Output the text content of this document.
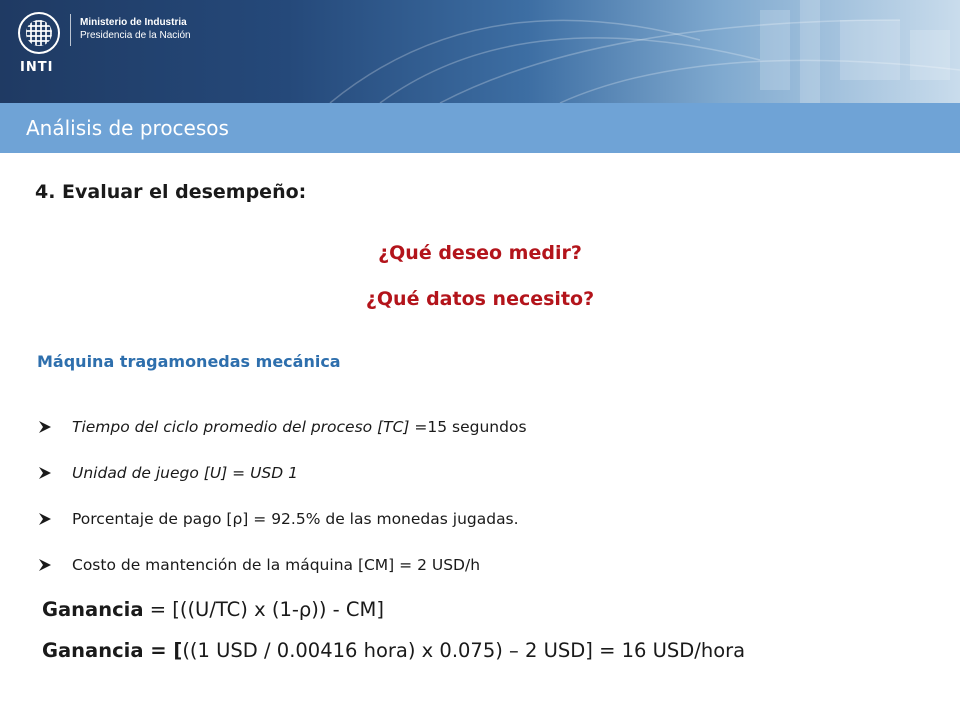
INTI
Ministerio de Industria
Presidencia de la Nación
Análisis de procesos
4. Evaluar el desempeño:
¿Qué deseo medir?
¿Qué datos necesito?
Máquina tragamonedas mecánica
Tiempo del ciclo promedio del proceso [TC] = 15 segundos
Unidad de juego [U] = USD 1
Porcentaje de pago [ρ] = 92.5% de las monedas jugadas.
Costo de mantención de la máquina [CM] = 2 USD/h
Ganancia = [((U/TC) x (1-ρ)) - CM]
Ganancia = [((1 USD / 0.00416 hora) x 0.075) – 2 USD] = 16 USD/hora
